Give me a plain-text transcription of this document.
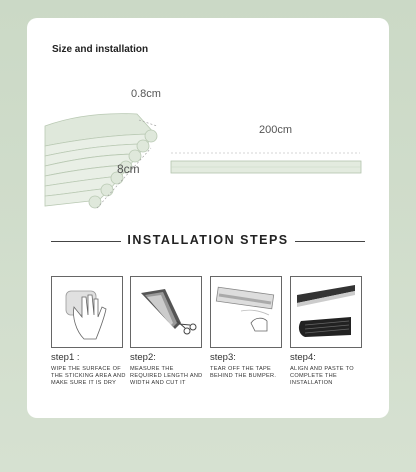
Size and installation
0.8cm
8cm
200cm
INSTALLATION STEPS
step1 :
WIPE THE SURFACE OF THE STICKING AREA AND MAKE SURE IT IS DRY
step2:
MEASURE THE REQUIRED LENGTH AND WIDTH AND CUT IT
step3:
TEAR OFF THE TAPE BEHIND THE BUMPER.
step4:
ALIGN AND PASTE TO COMPLETE THE INSTALLATION
